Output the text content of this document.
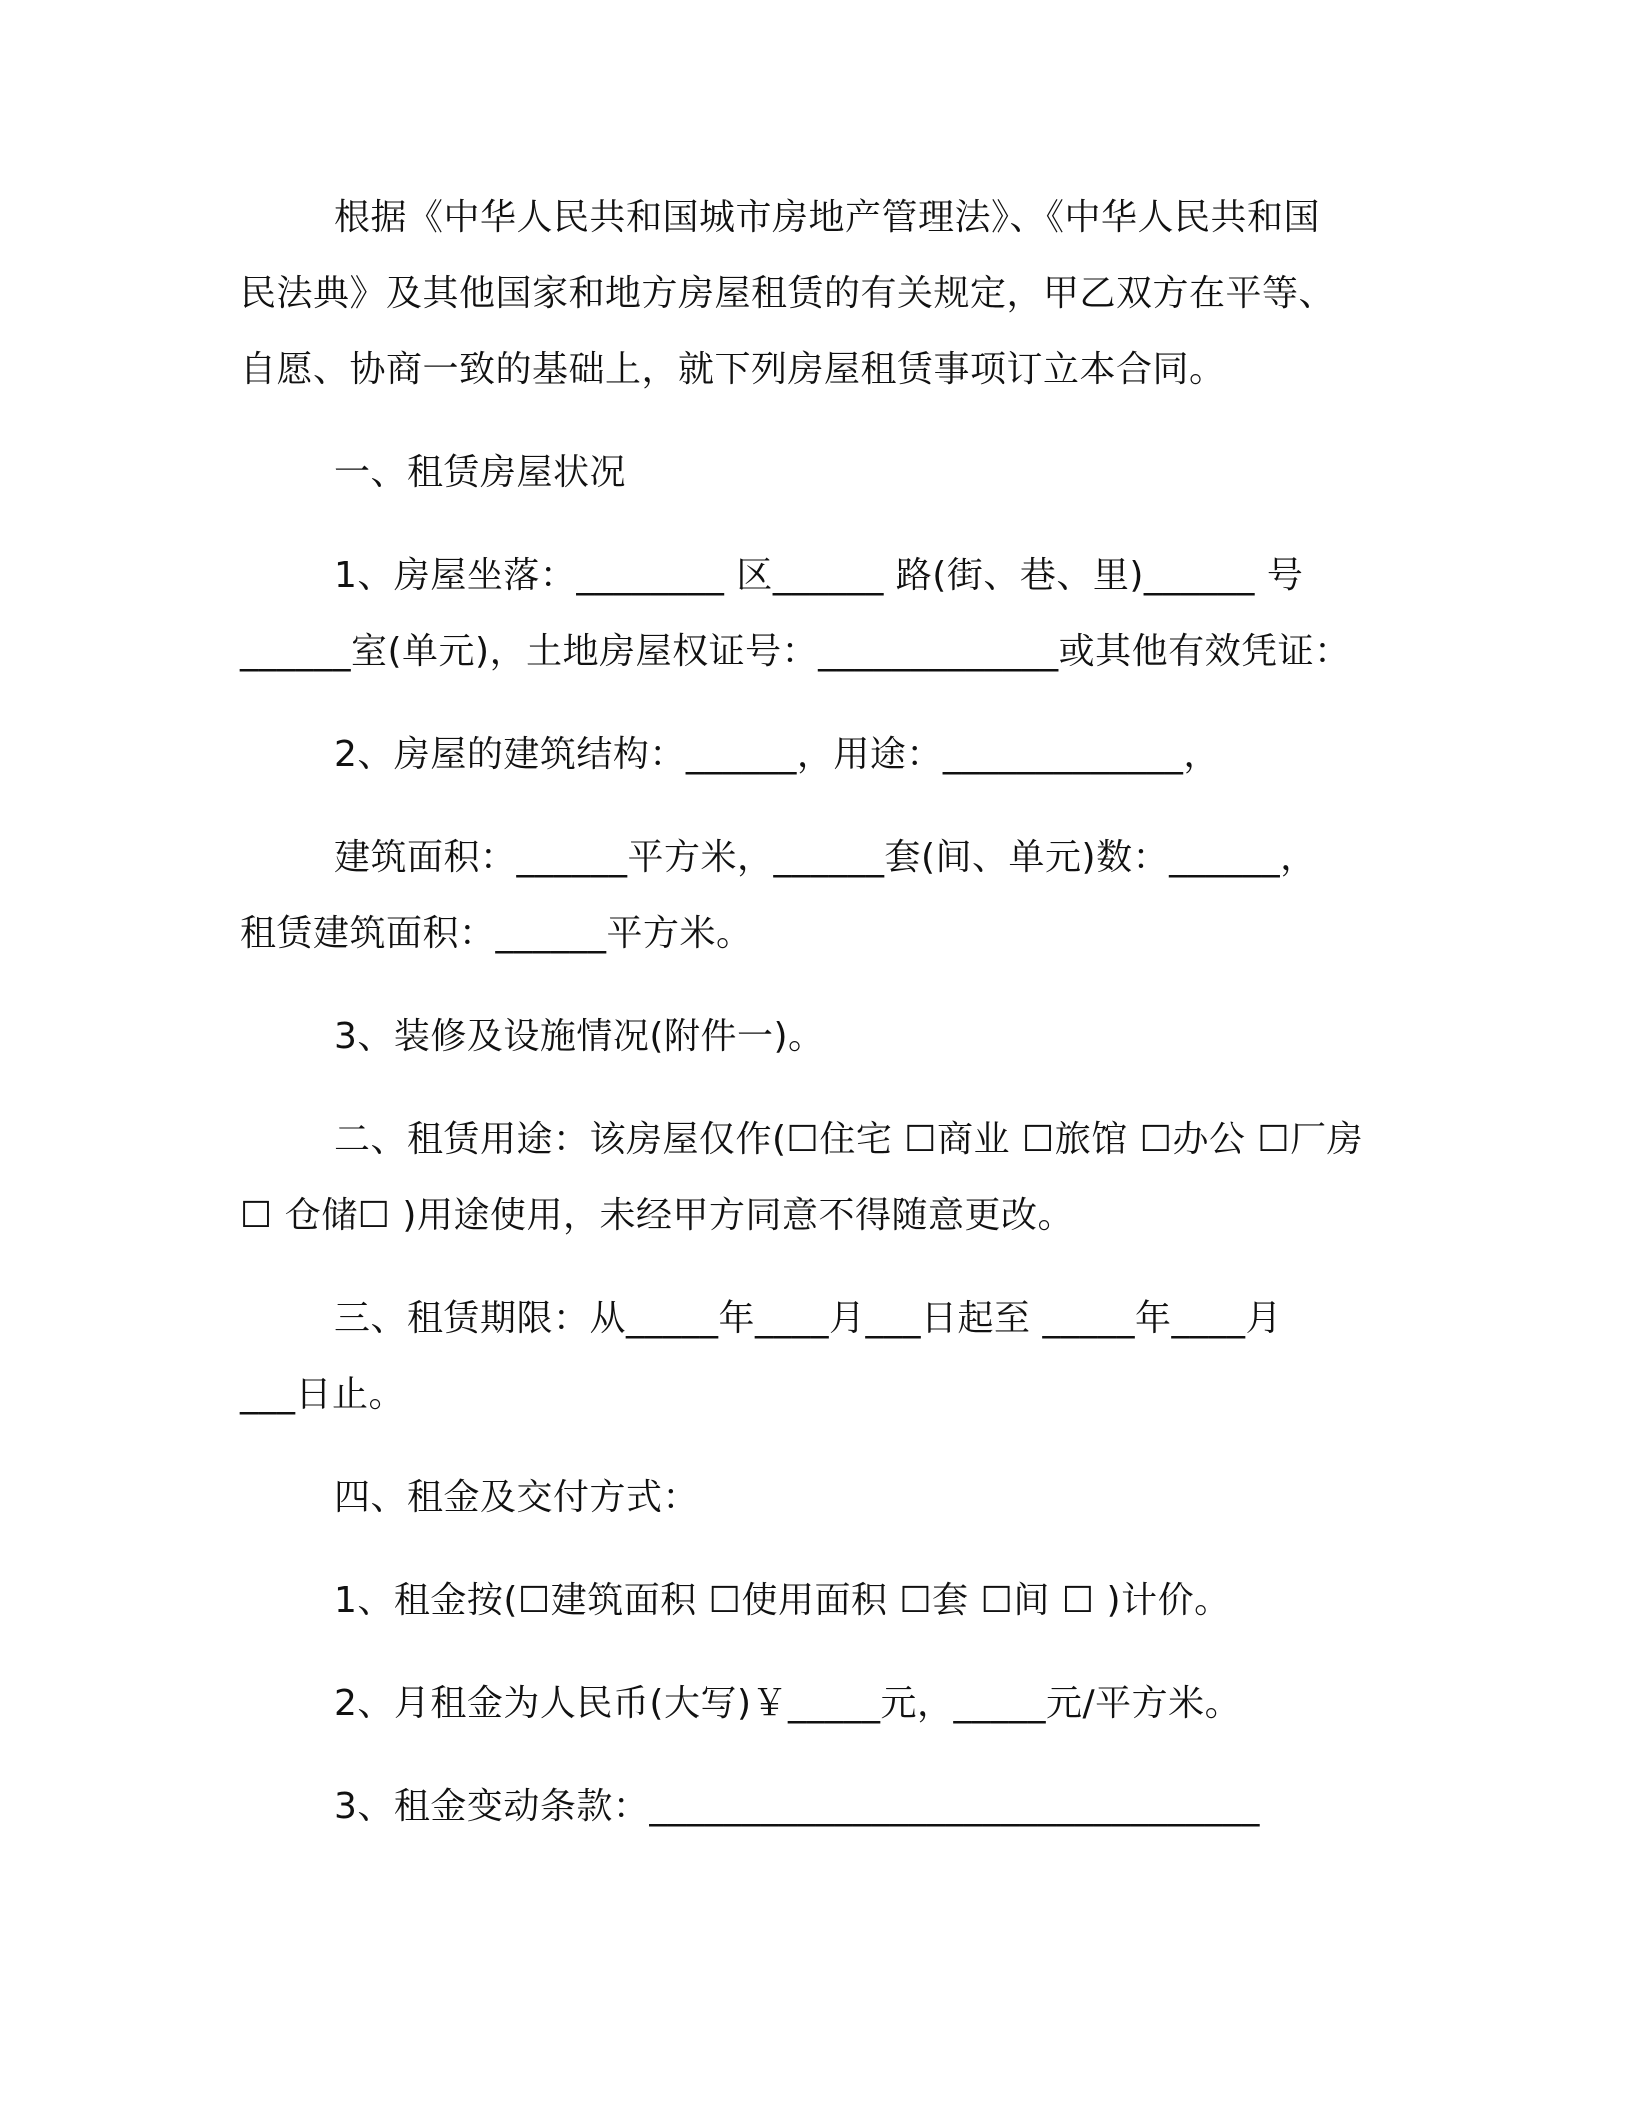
根据《中华人民共和国城市房地产管理法》、《中华人民共和国
民法典》及其他国家和地方房屋租赁的有关规定，甲乙双方在平等、
自愿、协商一致的基础上，就下列房屋租赁事项订立本合同。
一、租赁房屋状况
1、房屋坐落：________ 区______ 路(街、巷、里)______ 号
______室(单元)，土地房屋权证号：_____________或其他有效凭证：
2、房屋的建筑结构：______，用途：_____________，
建筑面积：______平方米，______套(间、单元)数：______，
租赁建筑面积：______平方米。
3、装修及设施情况(附件一)。
二、租赁用途：该房屋仅作(☐住宅 ☐商业 ☐旅馆 ☐办公 ☐厂房
☐ 仓储☐ )用途使用，未经甲方同意不得随意更改。
三、租赁期限：从_____年____月___日起至 _____年____月
___日止。
四、租金及交付方式：
1、租金按(☐建筑面积 ☐使用面积 ☐套 ☐间 ☐ )计价。
2、月租金为人民币(大写)￥_____元，_____元/平方米。
3、租金变动条款：_________________________________
